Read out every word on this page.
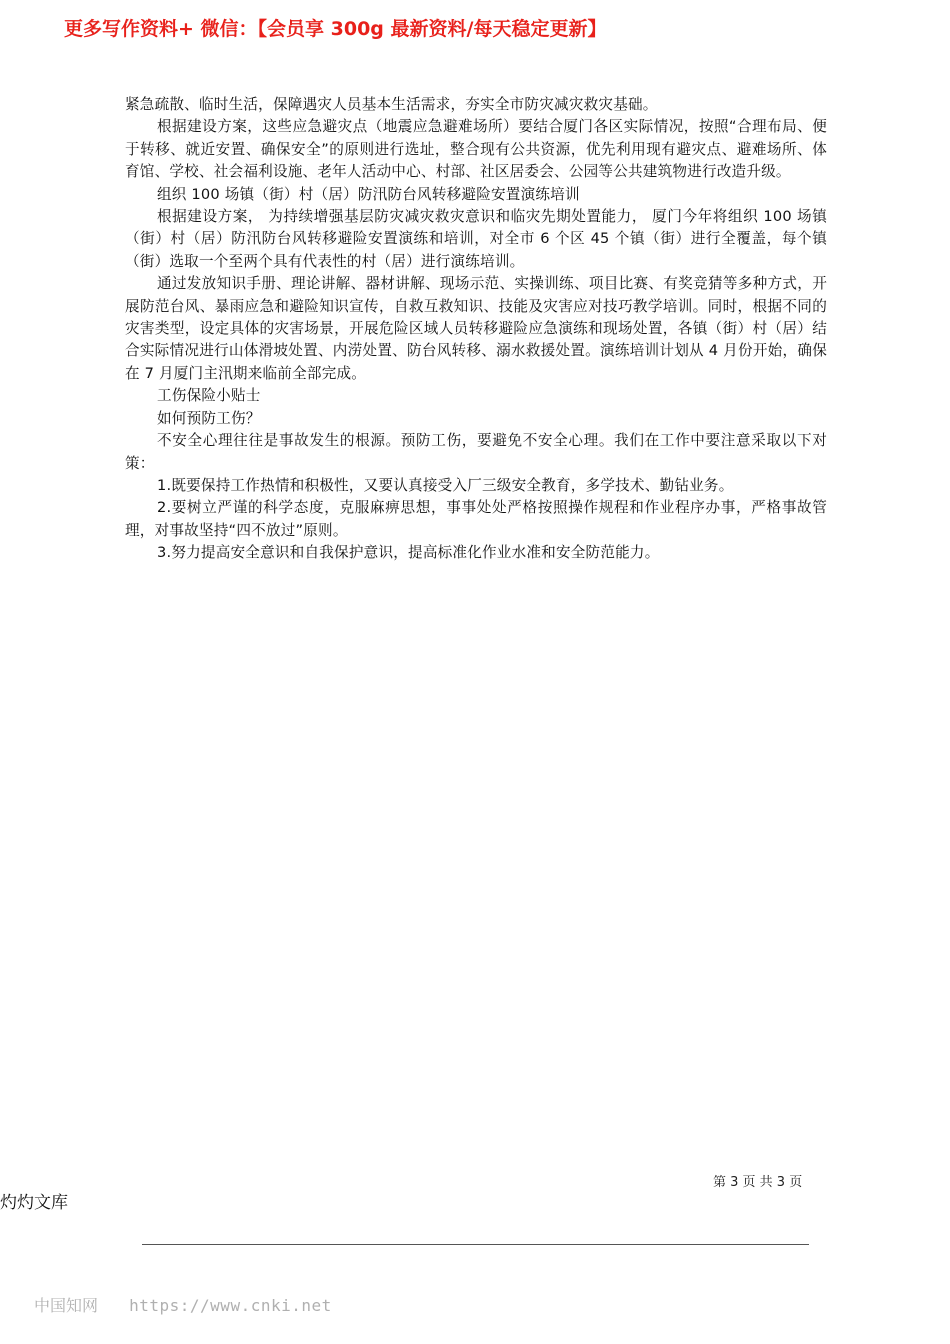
更多写作资料+ 微信：【会员享 300g 最新资料/每天稳定更新】

紧急疏散、临时生活，保障遇灾人员基本生活需求，夯实全市防灾减灾救灾基础。

根据建设方案，这些应急避灾点（地震应急避难场所）要结合厦门各区实际情况，按照“合理布局、便于转移、就近安置、确保安全”的原则进行选址，整合现有公共资源，优先利用现有避灾点、避难场所、体育馆、学校、社会福利设施、老年人活动中心、村部、社区居委会、公园等公共建筑物进行改造升级。

组织 100 场镇（街）村（居）防汛防台风转移避险安置演练培训

根据建设方案， 为持续增强基层防灾减灾救灾意识和临灾先期处置能力， 厦门今年将组织 100 场镇（街）村（居）防汛防台风转移避险安置演练和培训，对全市 6 个区 45 个镇（街）进行全覆盖，每个镇（街）选取一个至两个具有代表性的村（居）进行演练培训。

通过发放知识手册、理论讲解、器材讲解、现场示范、实操训练、项目比赛、有奖竞猜等多种方式，开展防范台风、暴雨应急和避险知识宣传，自救互救知识、技能及灾害应对技巧教学培训。同时，根据不同的灾害类型，设定具体的灾害场景，开展危险区域人员转移避险应急演练和现场处置，各镇（街）村（居）结合实际情况进行山体滑坡处置、内涝处置、防台风转移、溺水救援处置。演练培训计划从 4 月份开始，确保在 7 月厦门主汛期来临前全部完成。

工伤保险小贴士

如何预防工伤？

不安全心理往往是事故发生的根源。预防工伤，要避免不安全心理。我们在工作中要注意采取以下对策：

1.既要保持工作热情和积极性，又要认真接受入厂三级安全教育，多学技术、勤钻业务。

2.要树立严谨的科学态度，克服麻痹思想，事事处处严格按照操作规程和作业程序办事，严格事故管理，对事故坚持“四不放过”原则。

3.努力提高安全意识和自我保护意识，提高标准化作业水准和安全防范能力。

第 3 页 共 3 页
灼灼文库
中国知网 https://www.cnki.net
